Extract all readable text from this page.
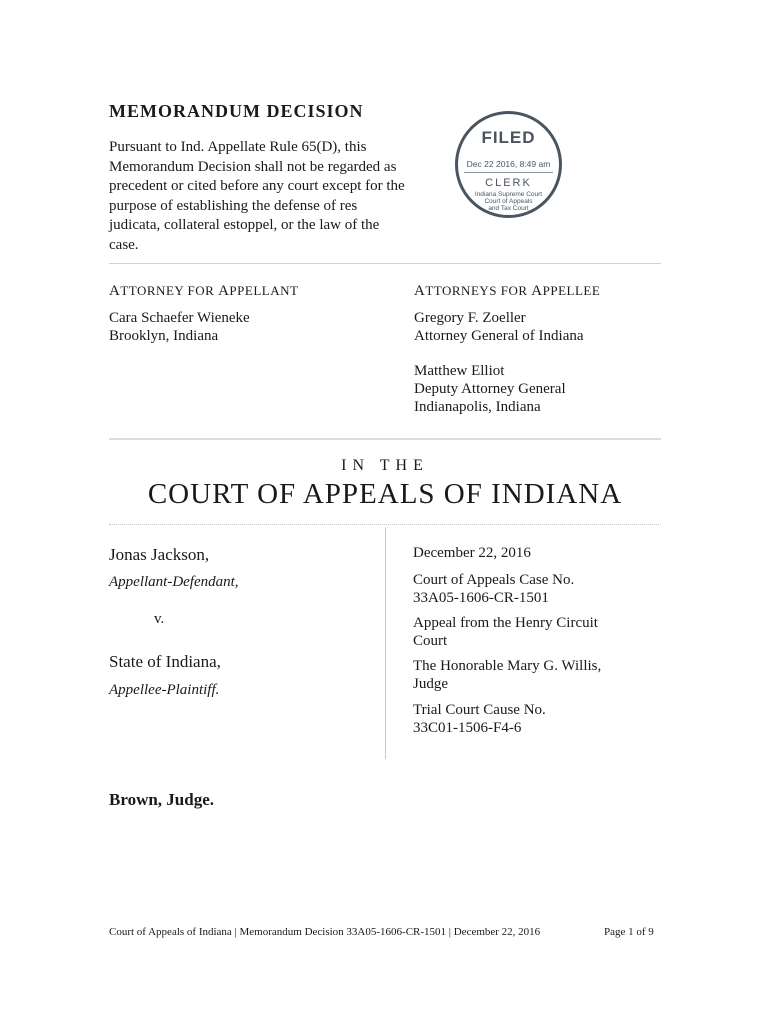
MEMORANDUM DECISION
Pursuant to Ind. Appellate Rule 65(D), this Memorandum Decision shall not be regarded as precedent or cited before any court except for the purpose of establishing the defense of res judicata, collateral estoppel, or the law of the case.
FILED
Dec 22 2016, 8:49 am
CLERK
Indiana Supreme Court
Court of Appeals
and Tax Court
ATTORNEY FOR APPELLANT
Cara Schaefer Wieneke
Brooklyn, Indiana
ATTORNEYS FOR APPELLEE
Gregory F. Zoeller
Attorney General of Indiana
Matthew Elliot
Deputy Attorney General
Indianapolis, Indiana
IN THE
COURT OF APPEALS OF INDIANA
Jonas Jackson,
Appellant-Defendant,
v.
State of Indiana,
Appellee-Plaintiff.
December 22, 2016
Court of Appeals Case No.
33A05-1606-CR-1501
Appeal from the Henry Circuit Court
The Honorable Mary G. Willis, Judge
Trial Court Cause No.
33C01-1506-F4-6
Brown, Judge.
Court of Appeals of Indiana | Memorandum Decision 33A05-1606-CR-1501 | December 22, 2016	Page 1 of 9
